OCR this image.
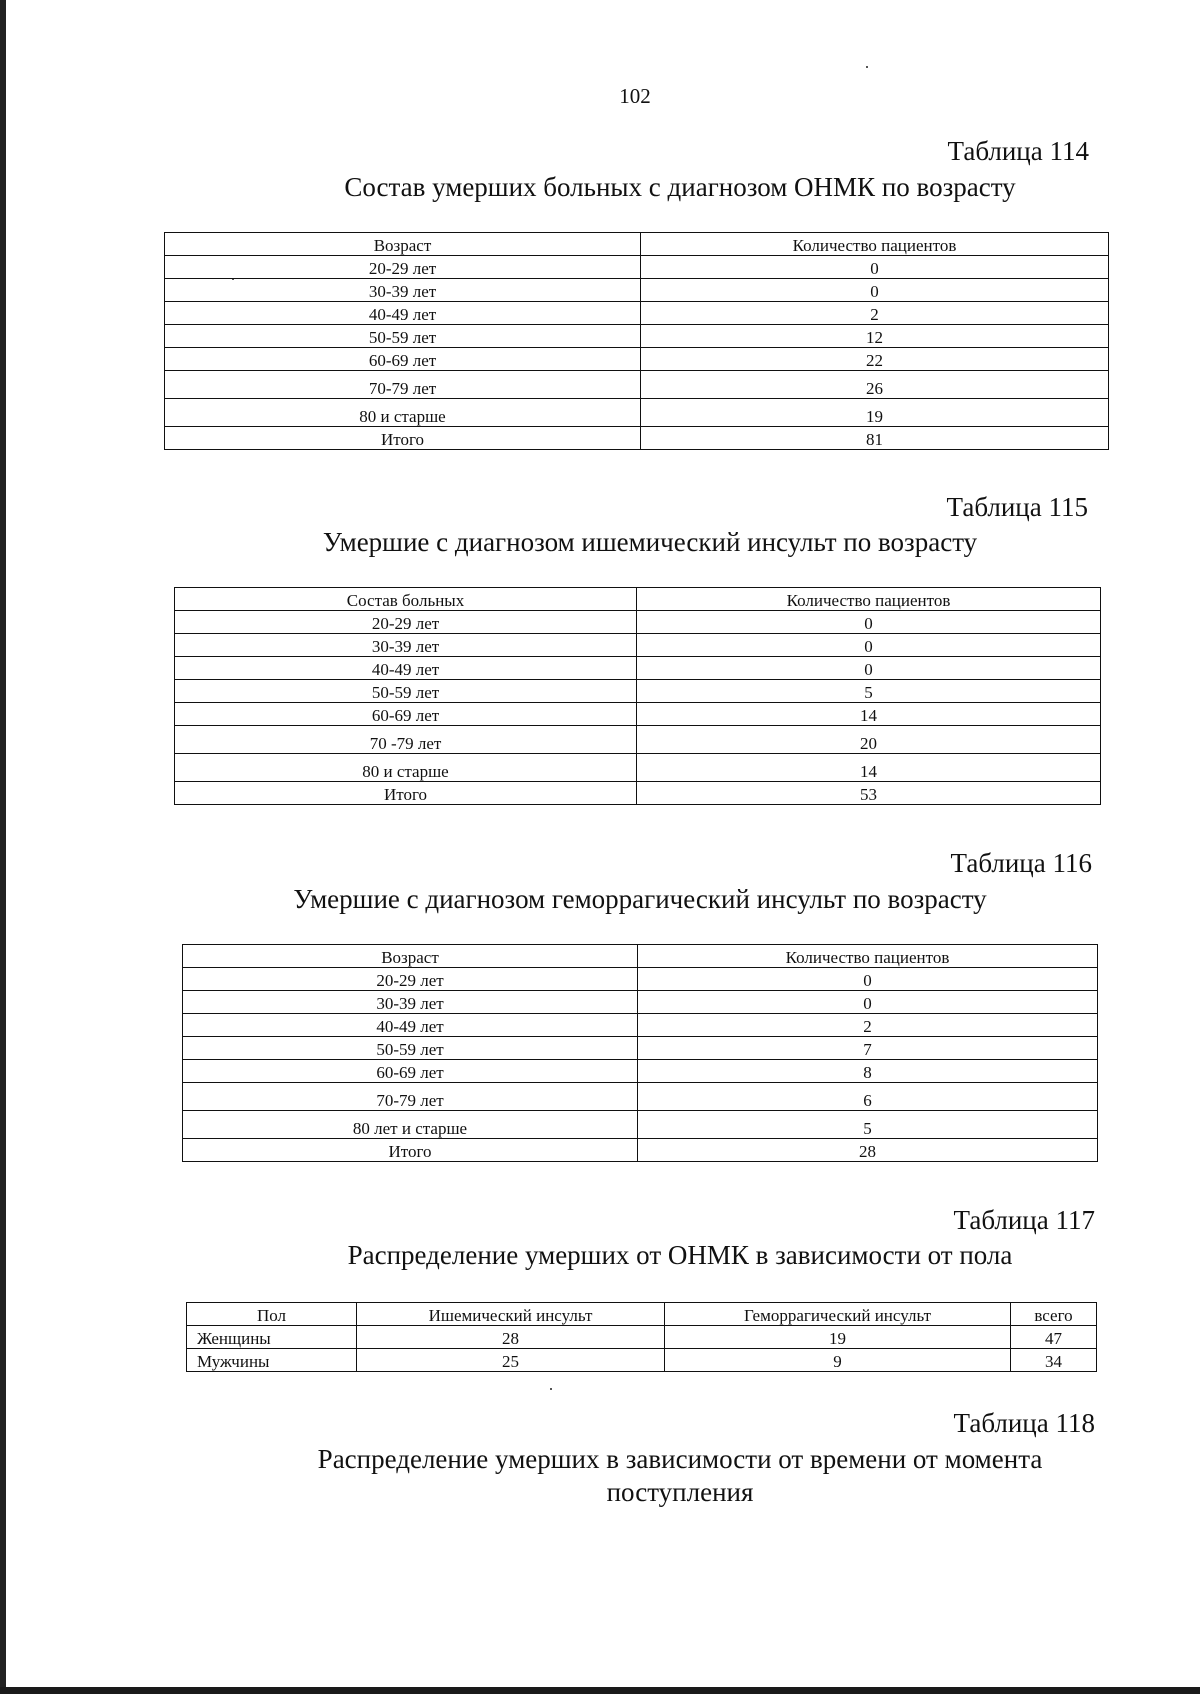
102
Таблица 114
Состав умерших больных с диагнозом ОНМК по возрасту
Возраст	Количество пациентов
20-29 лет	0
30-39 лет	0
40-49 лет	2
50-59 лет	12
60-69 лет	22
70-79 лет	26
80 и старше	19
Итого	81
Таблица 115
Умершие с диагнозом ишемический инсульт по возрасту
Состав больных	Количество пациентов
20-29 лет	0
30-39 лет	0
40-49 лет	0
50-59 лет	5
60-69 лет	14
70 -79 лет	20
80 и старше	14
Итого	53
Таблица 116
Умершие с диагнозом геморрагический инсульт по возрасту
Возраст	Количество пациентов
20-29 лет	0
30-39 лет	0
40-49 лет	2
50-59 лет	7
60-69 лет	8
70-79 лет	6
80 лет и старше	5
Итого	28
Таблица 117
Распределение умерших от ОНМК в зависимости от пола
Пол	Ишемический инсульт	Геморрагический инсульт	всего
Женщины	28	19	47
Мужчины	25	9	34
Таблица 118
Распределение умерших в зависимости от времени от момента
поступления
